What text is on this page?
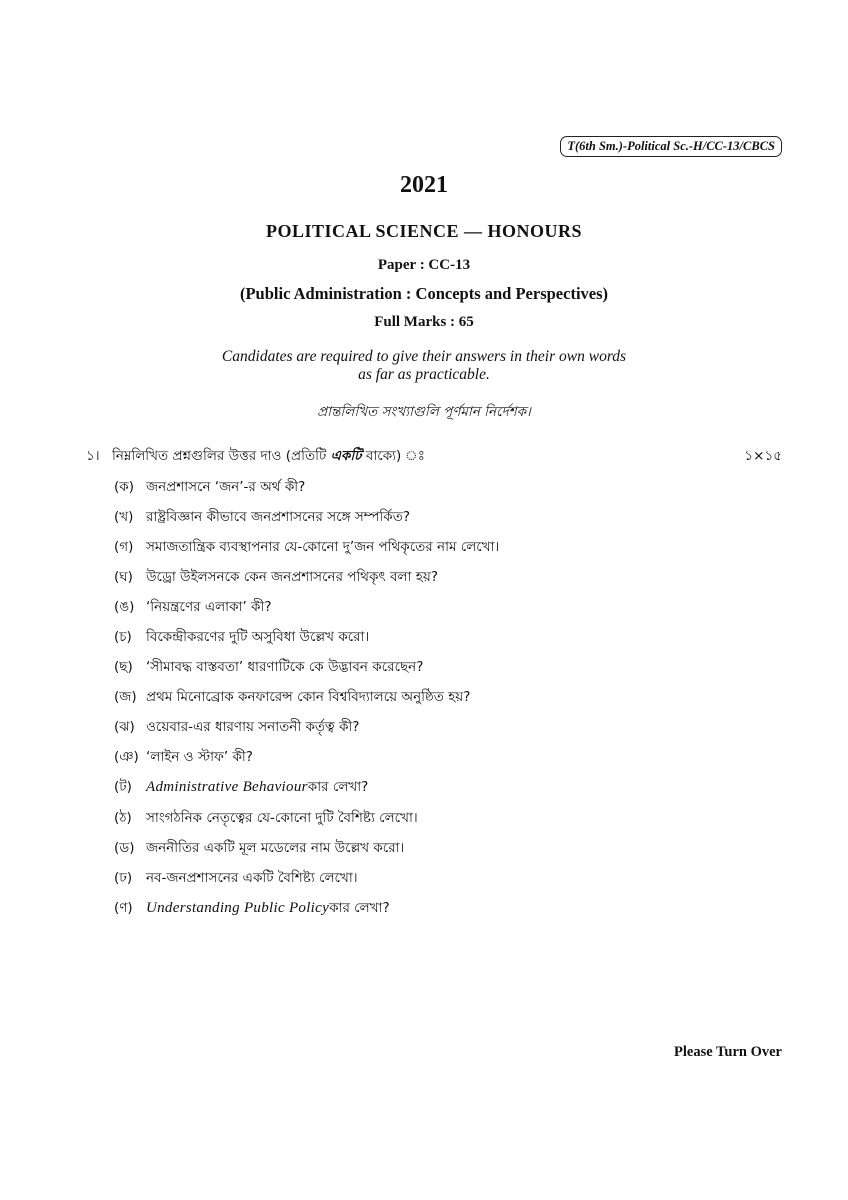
T(6th Sm.)-Political Sc.-H/CC-13/CBCS
2021
POLITICAL SCIENCE — HONOURS
Paper : CC-13
(Public Administration : Concepts and Perspectives)
Full Marks : 65
Candidates are required to give their answers in their own words
as far as practicable.
প্রান্তলিখিত সংখ্যাগুলি পূর্ণমান নির্দেশক।
১। নিম্নলিখিত প্রশ্নগুলির উত্তর দাও (প্রতিটি একটি বাক্যে) ঃ	১×১৫
(ক) জনপ্রশাসনে ‘জন’-র অর্থ কী?
(খ) রাষ্ট্রবিজ্ঞান কীভাবে জনপ্রশাসনের সঙ্গে সম্পর্কিত?
(গ) সমাজতান্ত্রিক ব্যবস্থাপনার যে-কোনো দু’জন পথিকৃতের নাম লেখো।
(ঘ) উড্রো উইলসনকে কেন জনপ্রশাসনের পথিকৃৎ বলা হয়?
(ঙ) ‘নিয়ন্ত্রণের এলাকা’ কী?
(চ)	বিকেন্দ্রীকরণের দুটি অসুবিধা উল্লেখ করো।
(ছ) ‘সীমাবদ্ধ বাস্তবতা’ ধারণাটিকে কে উদ্ভাবন করেছেন?
(জ) প্রথম মিনোব্রোক কনফারেন্স কোন বিশ্ববিদ্যালয়ে অনুষ্ঠিত হয়?
(ঝ) ওয়েবার-এর ধারণায় সনাতনী কর্তৃত্ব কী?
(ঞ) ‘লাইন ও স্টাফ’ কী?
(ট) Administrative Behaviour কার লেখা?
(ঠ)	সাংগঠনিক নেতৃত্বের যে-কোনো দুটি বৈশিষ্ট্য লেখো।
(ড) জননীতির একটি মূল মডেলের নাম উল্লেখ করো।
(ঢ)	নব-জনপ্রশাসনের একটি বৈশিষ্ট্য লেখো।
(ণ) Understanding Public Policy কার লেখা?
Please Turn Over
